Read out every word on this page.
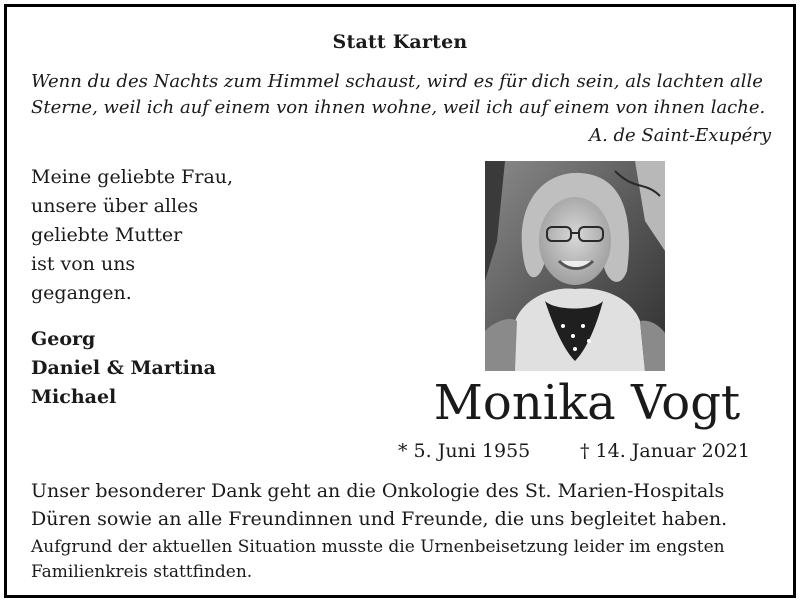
Statt Karten
Wenn du des Nachts zum Himmel schaust, wird es für dich sein, als lachten alle
Sterne, weil ich auf einem von ihnen wohne, weil ich auf einem von ihnen lache.
A. de Saint-Exupéry
Meine geliebte Frau,
unsere über alles
geliebte Mutter
ist von uns
gegangen.
Georg
Daniel & Martina
Michael	Monika Vogt
* 5. Juni 1955	† 14. Januar 2021
Unser besonderer Dank geht an die Onkologie des St. Marien-Hospitals
Düren sowie an alle Freundinnen und Freunde, die uns begleitet haben.
Aufgrund der aktuellen Situation musste die Urnenbeisetzung leider im engsten
Familienkreis stattfinden.
